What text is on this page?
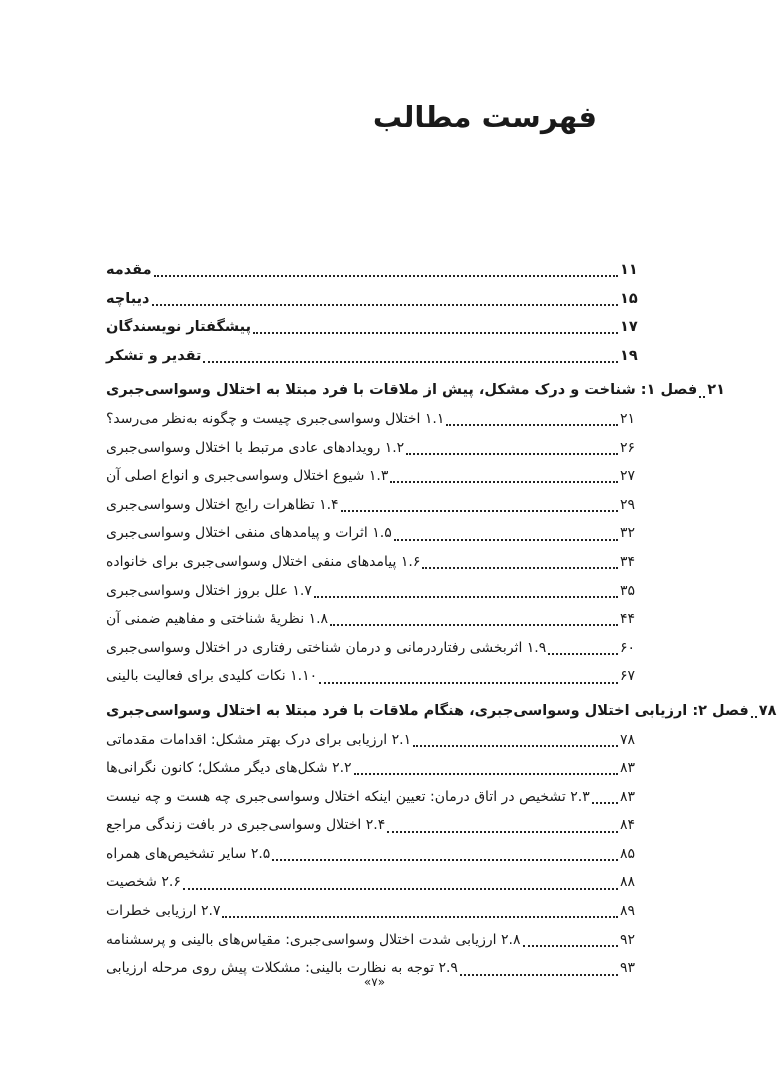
فهرست مطالب
مقدمه	۱۱
دیباچه	۱۵
پیشگفتار نویسندگان	۱۷
تقدیر و تشکر	۱۹
فصل ۱: شناخت و درک مشکل، پیش از ملاقات با فرد مبتلا به اختلال وسواسی‌جبری ۲۱
۱.۱ اختلال وسواسی‌جبری چیست و چگونه به‌نظر می‌رسد؟	۲۱
۱.۲ رویدادهای عادی مرتبط با اختلال وسواسی‌جبری	۲۶
۱.۳ شیوع اختلال وسواسی‌جبری و انواع اصلی آن	۲۷
۱.۴ تظاهرات رایج اختلال وسواسی‌جبری	۲۹
۱.۵ اثرات و پیامدهای منفی اختلال وسواسی‌جبری	۳۲
۱.۶ پیامدهای منفی اختلال وسواسی‌جبری برای خانواده	۳۴
۱.۷ علل بروز اختلال وسواسی‌جبری	۳۵
۱.۸ نظریهٔ شناختی و مفاهیم ضمنی آن	۴۴
۱.۹ اثربخشی رفتاردرمانی و درمان شناختی رفتاری در اختلال وسواسی‌جبری	۶۰
۱.۱۰ نکات کلیدی برای فعالیت بالینی	۶۷
فصل ۲: ارزیابی اختلال وسواسی‌جبری، هنگام ملاقات با فرد مبتلا به اختلال وسواسی‌جبری ۷۸
۲.۱ ارزیابی برای درک بهتر مشکل: اقدامات مقدماتی	۷۸
۲.۲ شکل‌های دیگر مشکل؛ کانون نگرانی‌ها	۸۳
۲.۳ تشخیص در اتاق درمان: تعیین اینکه اختلال وسواسی‌جبری چه هست و چه نیست ۸۳
۲.۴ اختلال وسواسی‌جبری در بافت زندگی مراجع	۸۴
۲.۵ سایر تشخیص‌های همراه	۸۵
۲.۶ شخصیت	۸۸
۲.۷ ارزیابی خطرات	۸۹
۲.۸ ارزیابی شدت اختلال وسواسی‌جبری: مقیاس‌های بالینی و پرسشنامه	۹۲
۲.۹ توجه به نظارت بالینی: مشکلات پیش روی مرحله ارزیابی	۹۳
«۷»
